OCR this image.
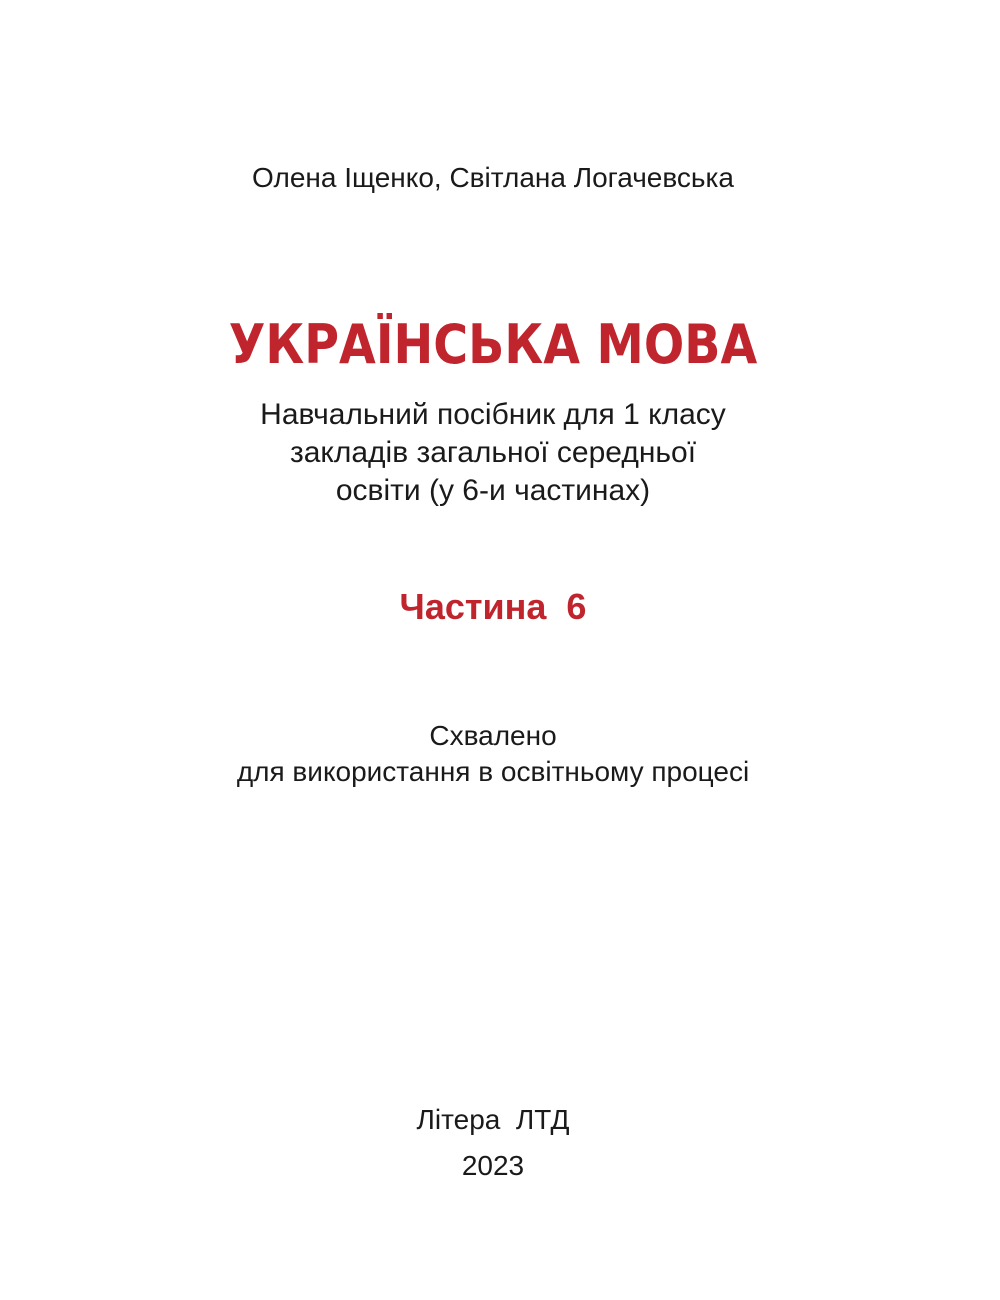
Олена Іщенко, Світлана Логачевська
УКРАЇНСЬКА МОВА
Навчальний посібник для 1 класу
закладів загальної середньої
освіти (у 6-и частинах)
Частина 6
Схвалено
для використання в освітньому процесі
Літера  ЛТД
2023
